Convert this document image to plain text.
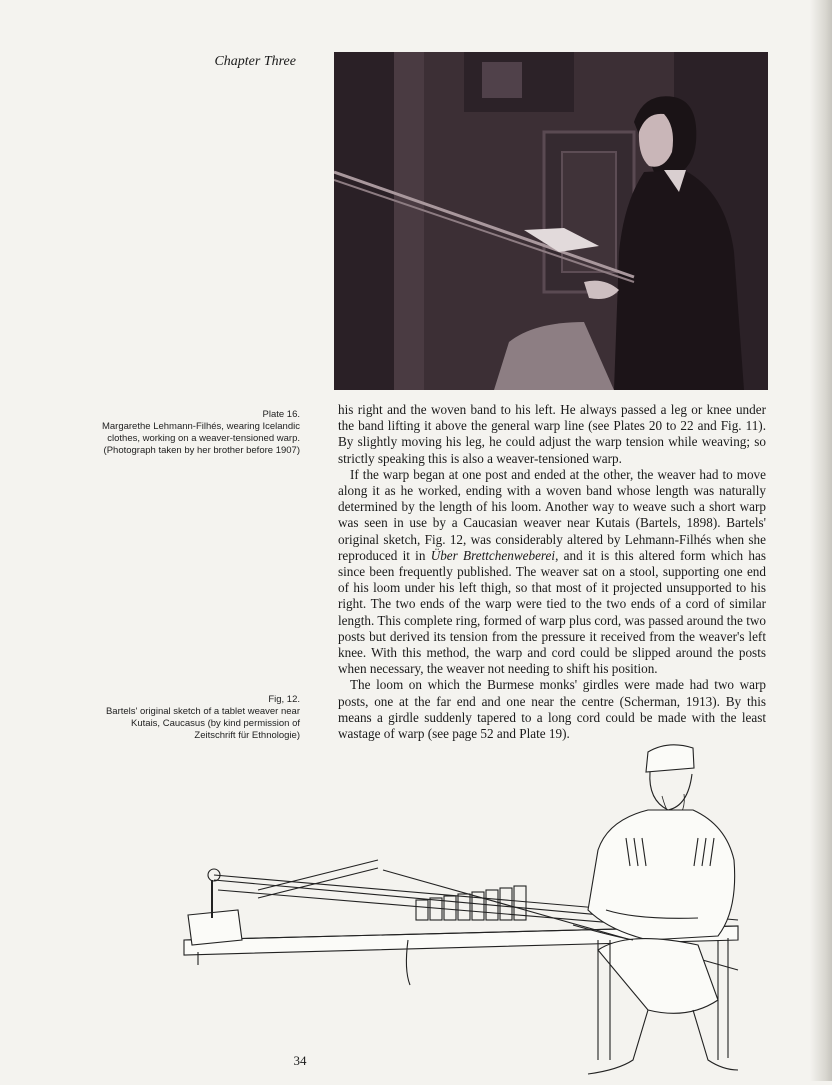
Chapter Three
Plate 16.
Margarethe Lehmann-Filhés, wearing Icelandic clothes, working on a weaver-tensioned warp. (Photograph taken by her brother before 1907)

his right and the woven band to his left. He always passed a leg or knee under the band lifting it above the general warp line (see Plates 20 to 22 and Fig. 11). By slightly moving his leg, he could adjust the warp tension while weaving; so strictly speaking this is also a weaver-tensioned warp.

If the warp began at one post and ended at the other, the weaver had to move along it as he worked, ending with a woven band whose length was naturally determined by the length of his loom. Another way to weave such a short warp was seen in use by a Caucasian weaver near Kutais (Bartels, 1898). Bartels' original sketch, Fig. 12, was considerably altered by Lehmann-Filhés when she reproduced it in Über Brettchenweberei, and it is this altered form which has since been frequently published. The weaver sat on a stool, supporting one end of his loom under his left thigh, so that most of it projected unsupported to his right. The two ends of the warp were tied to the two ends of a cord of similar length. This complete ring, formed of warp plus cord, was passed around the two posts but derived its tension from the pressure it received from the weaver's left knee. With this method, the warp and cord could be slipped around the posts when necessary, the weaver not needing to shift his position.

The loom on which the Burmese monks' girdles were made had two warp posts, one at the far end and one near the centre (Scherman, 1913). By this means a girdle suddenly tapered to a long cord could be made with the least wastage of warp (see page 52 and Plate 19).

Fig, 12.
Bartels' original sketch of a tablet weaver near Kutais, Caucasus (by kind permission of Zeitschrift für Ethnologie)
34
